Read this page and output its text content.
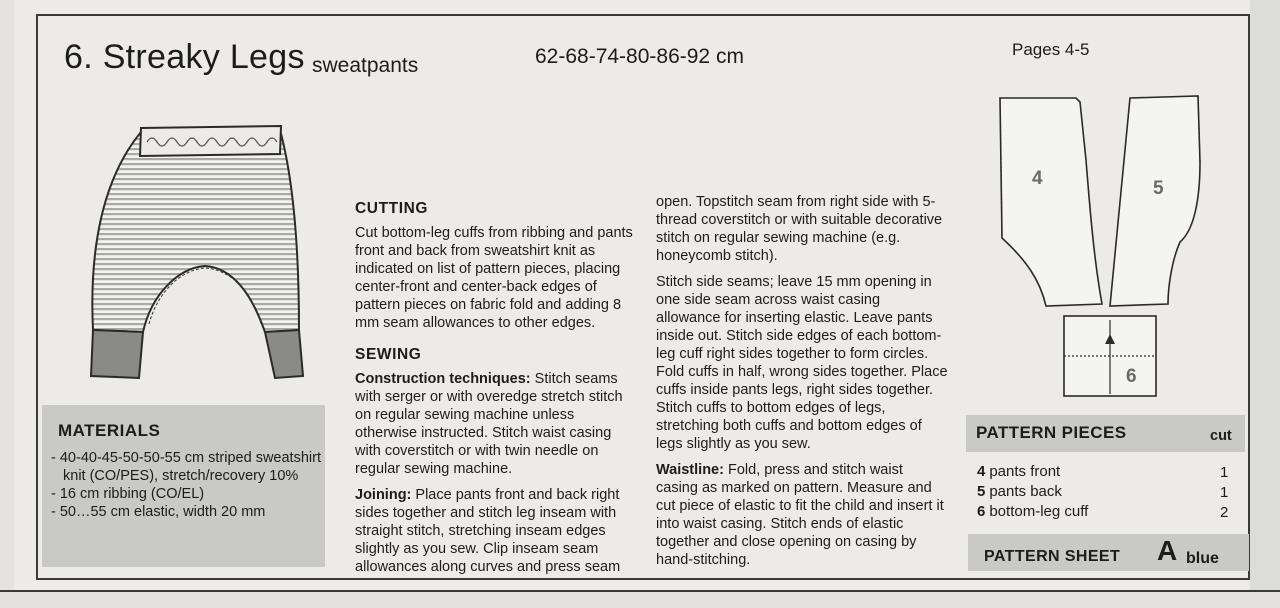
6. Streaky Legs sweatpants	62-68-74-80-86-92 cm	Pages 4-5
MATERIALS
- 40-40-45-50-50-55 cm striped sweatshirt knit (CO/PES), stretch/recovery 10%
- 16 cm ribbing (CO/EL)
- 50…55 cm elastic, width 20 mm
CUTTING

Cut bottom-leg cuffs from ribbing and pants front and back from sweatshirt knit as indicated on list of pattern pieces, placing center-front and center-back edges of pattern pieces on fabric fold and adding 8 mm seam allowances to other edges.

SEWING

Construction techniques: Stitch seams with serger or with overedge stretch stitch on regular sewing machine unless otherwise instructed. Stitch waist casing with coverstitch or with twin needle on regular sewing machine.

Joining: Place pants front and back right sides together and stitch leg inseam with straight stitch, stretching inseam edges slightly as you sew. Clip inseam seam allowances along curves and press seam

open. Topstitch seam from right side with 5-thread coverstitch or with suitable decorative stitch on regular sewing machine (e.g. honeycomb stitch).

Stitch side seams; leave 15 mm opening in one side seam across waist casing allowance for inserting elastic. Leave pants inside out. Stitch side edges of each bottom-leg cuff right sides together to form circles. Fold cuffs in half, wrong sides together. Place cuffs inside pants legs, right sides together. Stitch cuffs to bottom edges of legs, stretching both cuffs and bottom edges of legs slightly as you sew.

Waistline: Fold, press and stitch waist casing as marked on pattern. Measure and cut piece of elastic to fit the child and insert it into waist casing. Stitch ends of elastic together and close opening on casing by hand-stitching.

4	5
6
PATTERN PIECES	cut
4 pants front	1
5 pants back	1
6 bottom-leg cuff	2
PATTERN SHEET A blue
